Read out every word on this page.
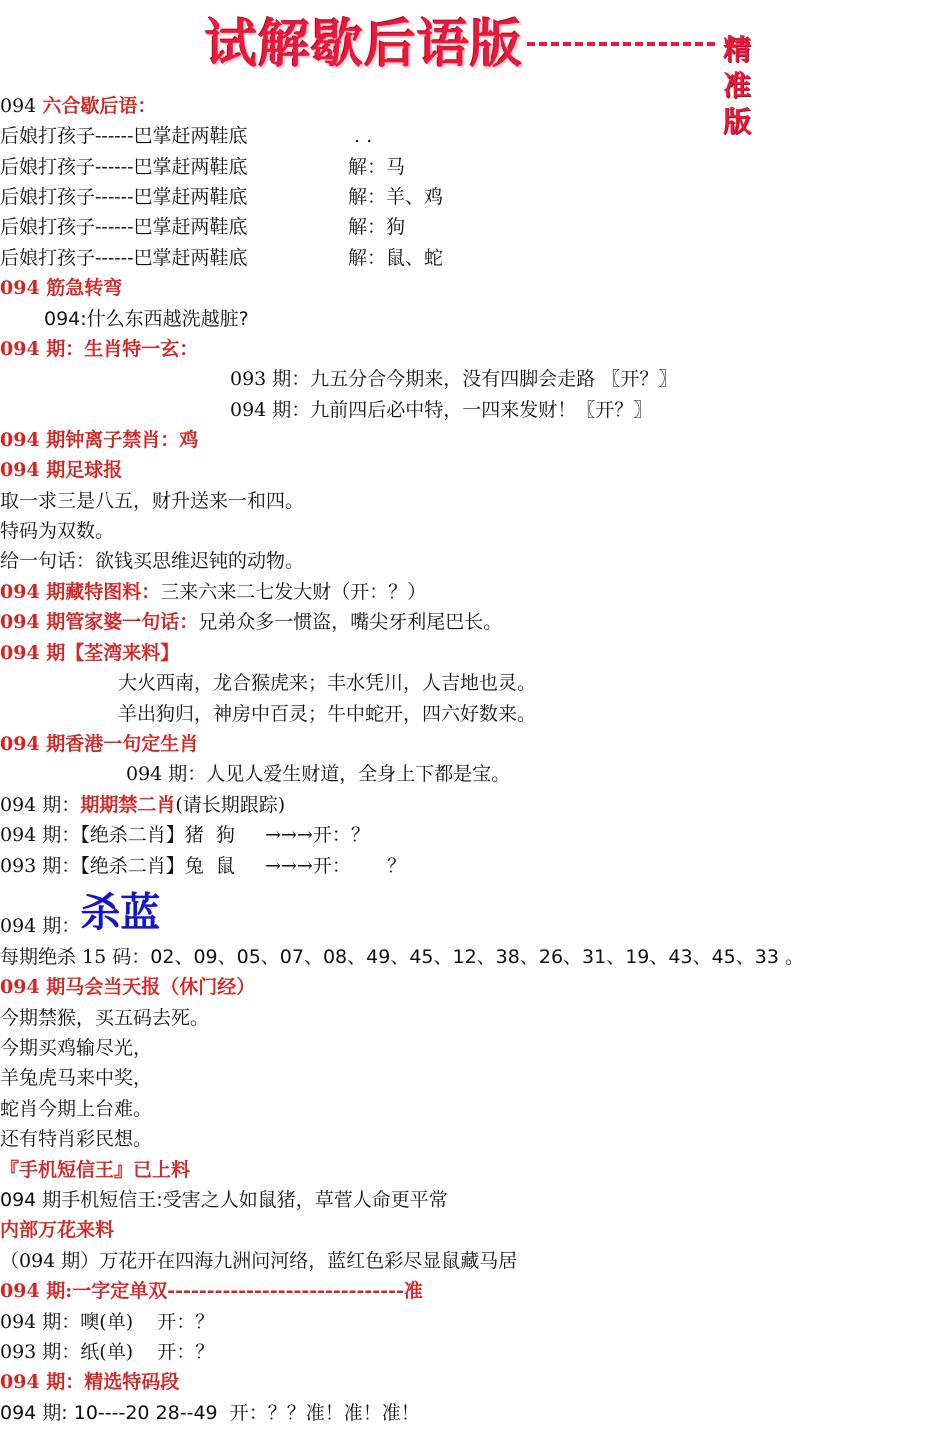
试解歇后语版	精准版
094 六合歇后语：
后娘打孩子------巴掌赶两鞋底	. .
后娘打孩子------巴掌赶两鞋底	解：马
后娘打孩子------巴掌赶两鞋底	解：羊、鸡
后娘打孩子------巴掌赶两鞋底	解：狗
后娘打孩子------巴掌赶两鞋底	解：鼠、蛇
094 筋急转弯
094:什么东西越洗越脏?
094 期：生肖特一玄：
093 期：九五分合今期来，没有四脚会走路 〖开？〗
094 期：九前四后必中特，一四来发财！〖开？〗
094 期钟离子禁肖：鸡
094 期足球报
取一求三是八五，财升送来一和四。
特码为双数。
给一句话：欲钱买思维迟钝的动物。
094 期藏特图料：三来六来二七发大财（开：？）
094 期管家婆一句话：兄弟众多一惯盗，嘴尖牙利尾巴长。
094 期【荃湾来料】
大火西南，龙合猴虎来；丰水凭川，人吉地也灵。
羊出狗归，神房中百灵；牛中蛇开，四六好数来。
094 期香港一句定生肖
094 期：人见人爱生财道，全身上下都是宝。
094 期：期期禁二肖(请长期跟踪)
094 期：【绝杀二肖】猪  狗     →→→开：？
093 期：【绝杀二肖】兔  鼠     →→→开：      ？
094 期：杀蓝
每期绝杀 15 码：02、09、05、07、08、49、45、12、38、26、31、19、43、45、33 。
094 期马会当天报（休门经）
今期禁猴，买五码去死。
今期买鸡输尽光，
羊兔虎马来中奖，
蛇肖今期上台难。
还有特肖彩民想。
『手机短信王』已上料
094 期手机短信王:受害之人如鼠猪，草菅人命更平常
内部万花来料
（094 期）万花开在四海九洲问河络，蓝红色彩尽显鼠藏马居
094 期:一字定单双------------------------------准
094 期：噢(单)    开：？
093 期：纸(单)    开：？
094 期：精选特码段
094 期: 10----20 28--49  开：？？准！准！准！
